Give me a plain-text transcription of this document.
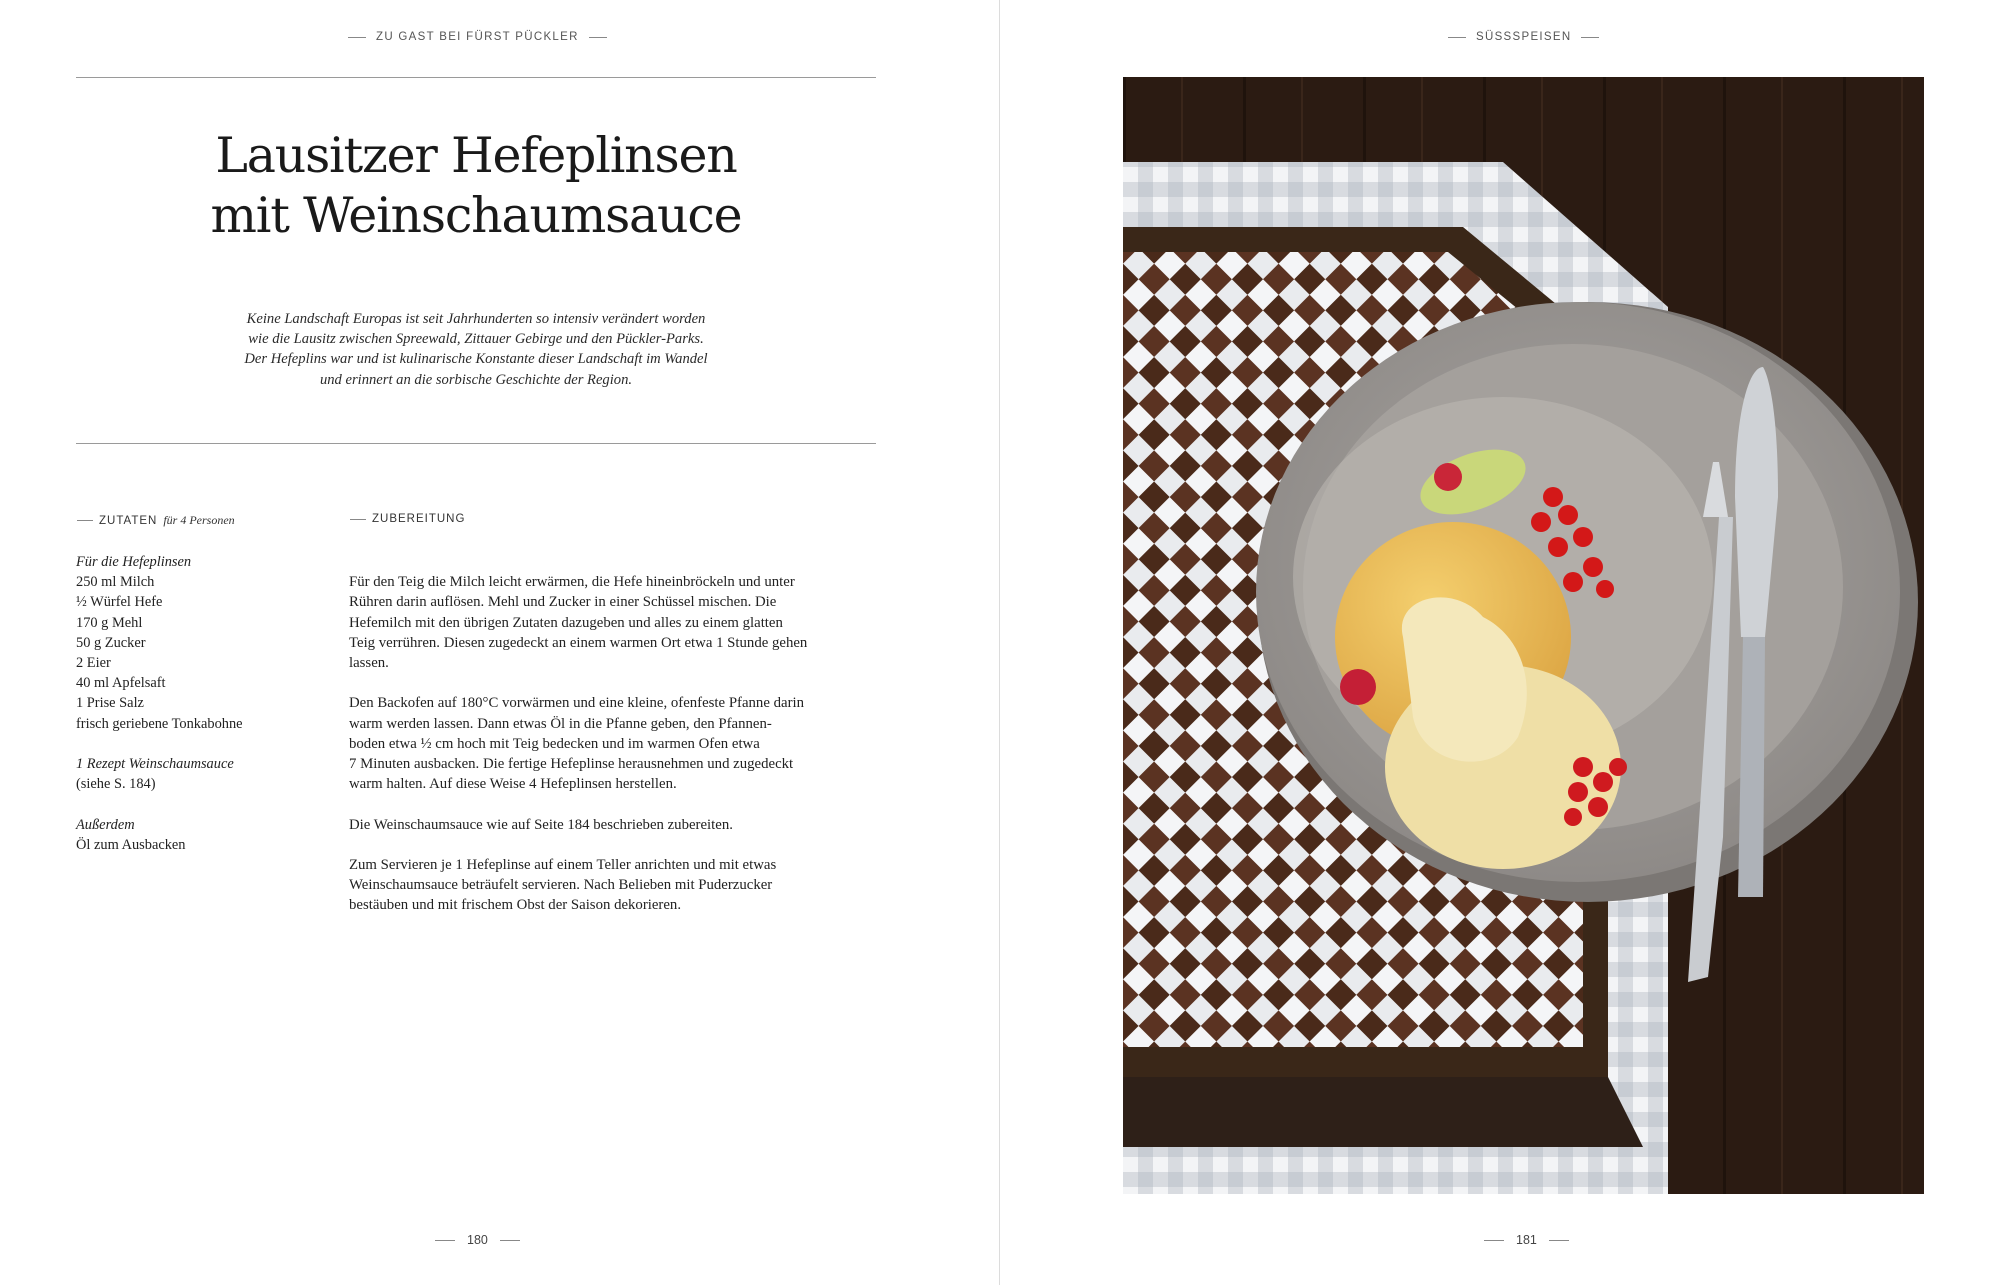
ZU GAST BEI FÜRST PÜCKLER
Lausitzer Hefeplinsen
mit Weinschaumsauce
Keine Landschaft Europas ist seit Jahrhunderten so intensiv verändert worden
wie die Lausitz zwischen Spreewald, Zittauer Gebirge und den Pückler-Parks.
Der Hefeplins war und ist kulinarische Konstante dieser Landschaft im Wandel
und erinnert an die sorbische Geschichte der Region.
ZUTATEN für 4 Personen	ZUBEREITUNG
Für die Hefeplinsen
250 ml Milch
½ Würfel Hefe
170 g Mehl
50 g Zucker
2 Eier
40 ml Apfelsaft
1 Prise Salz
frisch geriebene Tonkabohne
1 Rezept Weinschaumsauce
(siehe S. 184)
Außerdem
Öl zum Ausbacken

Für den Teig die Milch leicht erwärmen, die Hefe hineinbröckeln und unter
Rühren darin auflösen. Mehl und Zucker in einer Schüssel mischen. Die
Hefemilch mit den übrigen Zutaten dazugeben und alles zu einem glatten
Teig verrühren. Diesen zugedeckt an einem warmen Ort etwa 1 Stunde gehen
lassen.

Den Backofen auf 180°C vorwärmen und eine kleine, ofenfeste Pfanne darin
warm werden lassen. Dann etwas Öl in die Pfanne geben, den Pfannen-
boden etwa ½ cm hoch mit Teig bedecken und im warmen Ofen etwa
7 Minuten ausbacken. Die fertige Hefeplinse herausnehmen und zugedeckt
warm halten. Auf diese Weise 4 Hefeplinsen herstellen.

Die Weinschaumsauce wie auf Seite 184 beschrieben zubereiten.

Zum Servieren je 1 Hefeplinse auf einem Teller anrichten und mit etwas
Weinschaumsauce beträufelt servieren. Nach Belieben mit Puderzucker
bestäuben und mit frischem Obst der Saison dekorieren.

180
SÜSSSPEISEN
181
